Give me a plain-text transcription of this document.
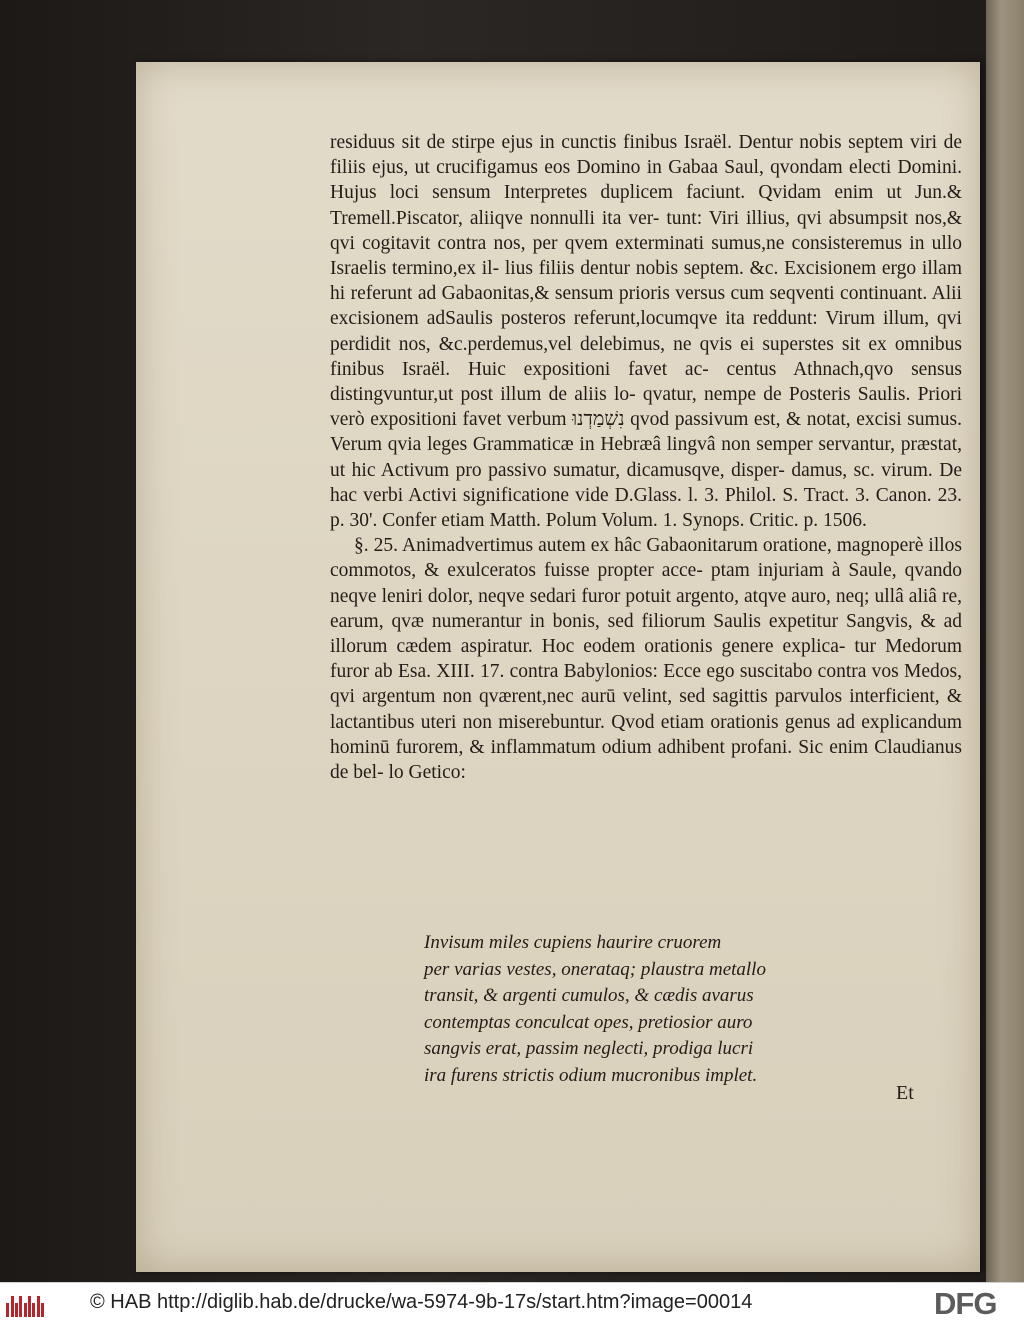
residuus sit de stirpe ejus in cunctis finibus Israël. Dentur nobis septem viri de filiis ejus, ut crucifigamus eos Domino in Gabaa Saul, qvondam electi Domini. Hujus loci sensum Interpretes duplicem faciunt. Qvidam enim ut Jun.& Tremell.Piscator, aliiqve nonnulli ita ver- tunt: Viri illius, qvi absumpsit nos,& qvi cogitavit contra nos, per qvem exterminati sumus,ne consisteremus in ullo Israelis termino,ex il- lius filiis dentur nobis septem. &c. Excisionem ergo illam hi referunt ad Gabaonitas,& sensum prioris versus cum seqventi continuant. Alii excisionem adSaulis posteros referunt,locumqve ita reddunt: Virum illum, qvi perdidit nos, &c.perdemus,vel delebimus, ne qvis ei superstes sit ex omnibus finibus Israël. Huic expositioni favet ac- centus Athnach,qvo sensus distingvuntur,ut post illum de aliis lo- qvatur, nempe de Posteris Saulis. Priori verò expositioni favet verbum נִשְׁמַדְנוּ qvod passivum est, & notat, excisi sumus. Verum qvia leges Grammaticæ in Hebræâ lingvâ non semper servantur, præstat, ut hic Activum pro passivo sumatur, dicamusqve, disper- damus, sc. virum. De hac verbi Activi significatione vide D.Glass. l. 3. Philol. S. Tract. 3. Canon. 23. p. 30'. Confer etiam Matth. Polum Volum. 1. Synops. Critic. p. 1506.

§. 25. Animadvertimus autem ex hâc Gabaonitarum oratione, magnoperè illos commotos, & exulceratos fuisse propter acce- ptam injuriam à Saule, qvando neqve leniri dolor, neqve sedari furor potuit argento, atqve auro, neq; ullâ aliâ re, earum, qvæ numerantur in bonis, sed filiorum Saulis expetitur Sangvis, & ad illorum cædem aspiratur. Hoc eodem orationis genere explica- tur Medorum furor ab Esa. XIII. 17. contra Babylonios: Ecce ego suscitabo contra vos Medos, qvi argentum non qværent,nec aurū velint, sed sagittis parvulos interficient, & lactantibus uteri non miserebuntur. Qvod etiam orationis genus ad explicandum hominū furorem, & inflammatum odium adhibent profani. Sic enim Claudianus de bel- lo Getico:

Invisum miles cupiens haurire cruorem
per varias vestes, onerataq; plaustra metallo
transit, & argenti cumulos, & cædis avarus
contemptas conculcat opes, pretiosior auro
sangvis erat, passim neglecti, prodiga lucri
ira furens strictis odium mucronibus implet.
Et
© HAB http://diglib.hab.de/drucke/wa-5974-9b-17s/start.htm?image=00014	DFG
